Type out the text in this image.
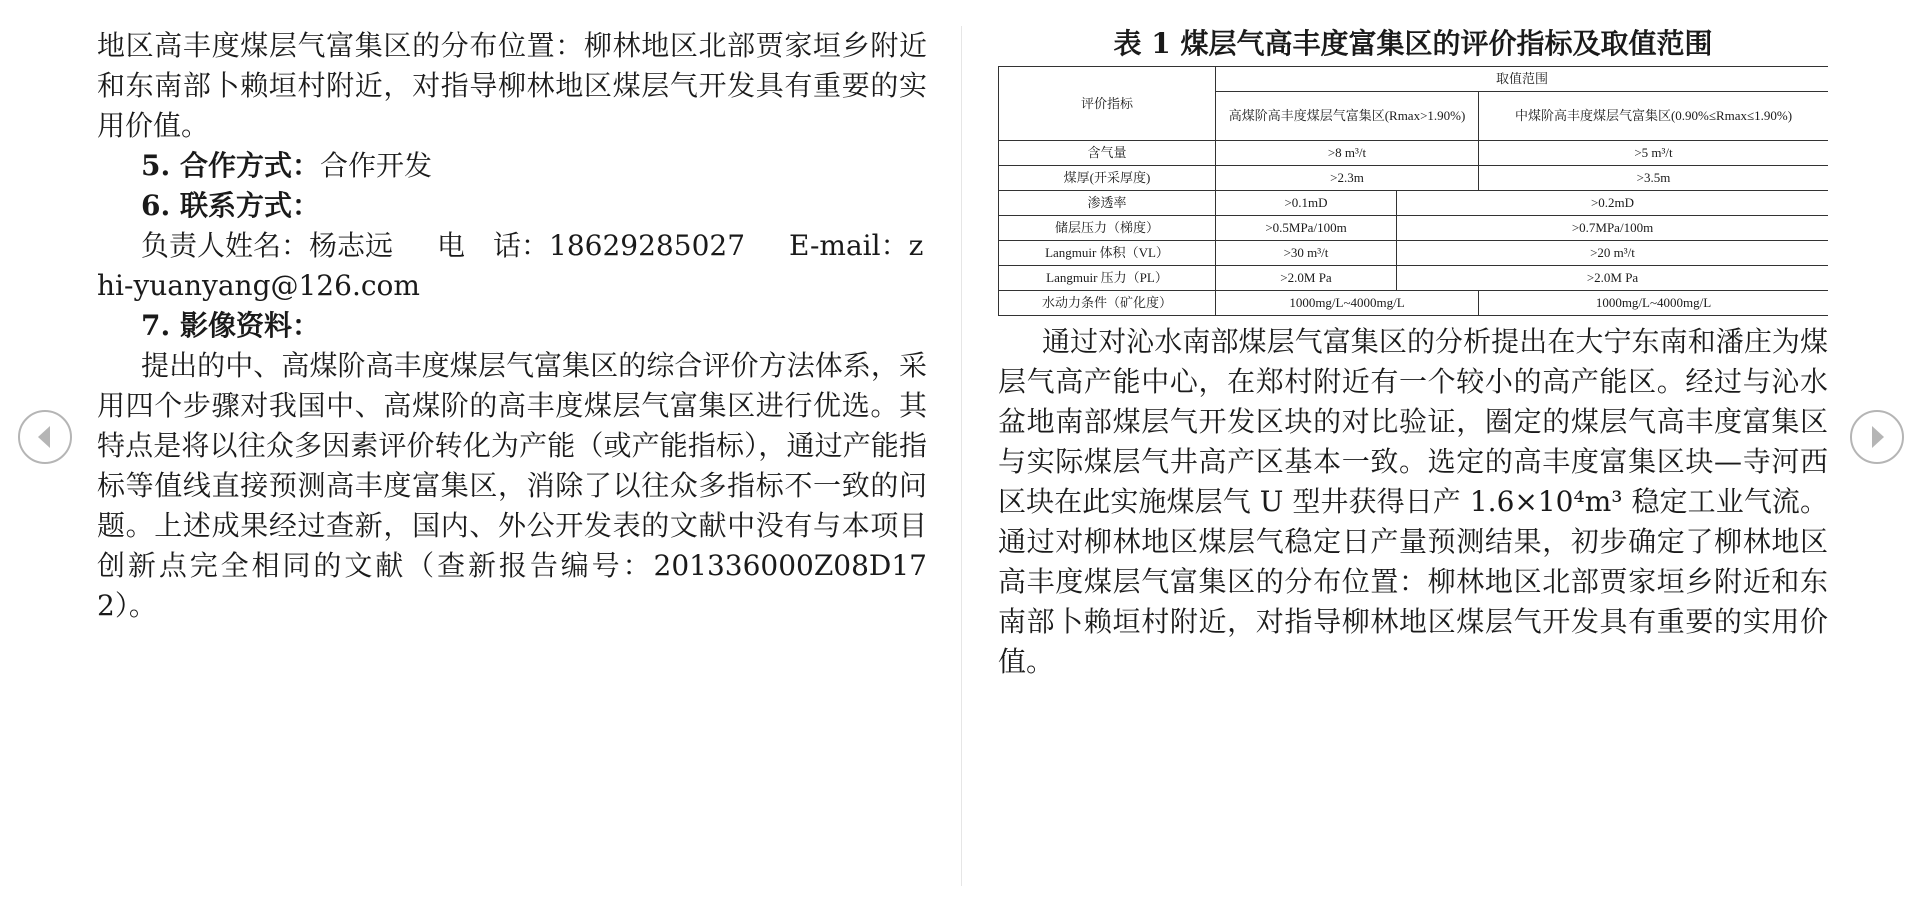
地区高丰度煤层气富集区的分布位置：柳林地区北部贾家垣乡附近和东南部卜赖垣村附近，对指导柳林地区煤层气开发具有重要的实用价值。

5. 合作方式：合作开发

6. 联系方式：

负责人姓名：杨志远 电　话：18629285027 E-mail：zhi-yuanyang@126.com

7. 影像资料：

提出的中、高煤阶高丰度煤层气富集区的综合评价方法体系，采用四个步骤对我国中、高煤阶的高丰度煤层气富集区进行优选。其特点是将以往众多因素评价转化为产能（或产能指标），通过产能指标等值线直接预测高丰度富集区，消除了以往众多指标不一致的问题。上述成果经过查新，国内、外公开发表的文献中没有与本项目创新点完全相同的文献（查新报告编号：201336000Z08D172）。

表 1 煤层气高丰度富集区的评价指标及取值范围

评价指标	取值范围		
	高煤阶高丰度煤层气富集区(Rmax>1.90%)		中煤阶高丰度煤层气富集区(0.90%≤Rmax≤1.90%)
含气量	>8 m³/t		>5 m³/t
煤厚(开采厚度)	>2.3m		>3.5m
渗透率	>0.1mD	>0.2mD	
储层压力（梯度）	>0.5MPa/100m	>0.7MPa/100m	
Langmuir 体积（VL）	>30 m³/t	>20 m³/t	
Langmuir 压力（PL）	>2.0M Pa	>2.0M Pa	
水动力条件（矿化度）	1000mg/L~4000mg/L		1000mg/L~4000mg/L

通过对沁水南部煤层气富集区的分析提出在大宁东南和潘庄为煤层气高产能中心，在郑村附近有一个较小的高产能区。经过与沁水盆地南部煤层气开发区块的对比验证，圈定的煤层气高丰度富集区与实际煤层气井高产区基本一致。选定的高丰度富集区块—寺河西区块在此实施煤层气 U 型井获得日产 1.6×10⁴m³ 稳定工业气流。通过对柳林地区煤层气稳定日产量预测结果，初步确定了柳林地区高丰度煤层气富集区的分布位置：柳林地区北部贾家垣乡附近和东南部卜赖垣村附近，对指导柳林地区煤层气开发具有重要的实用价值。
